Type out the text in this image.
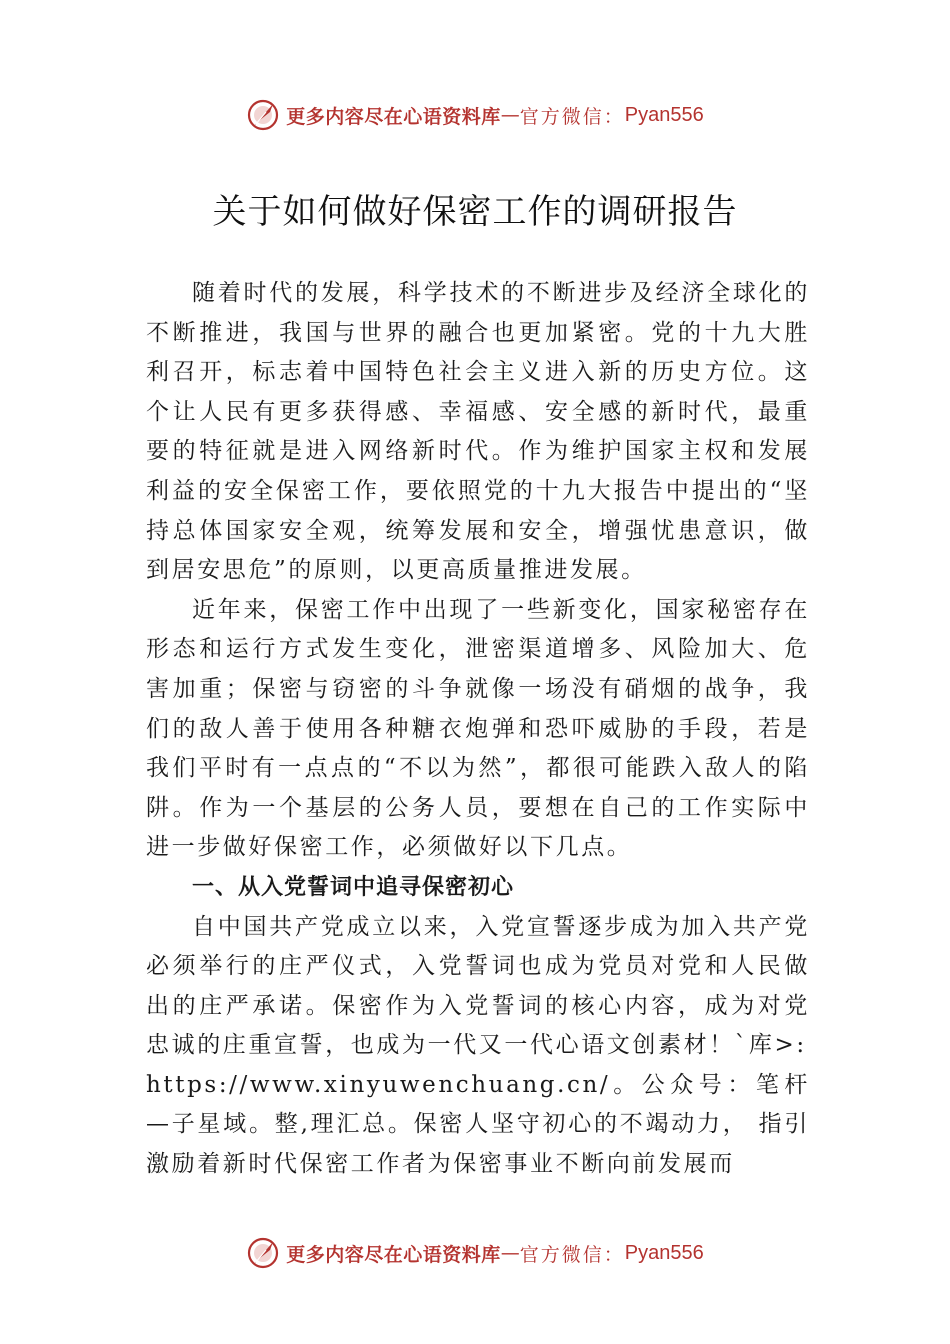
更多内容尽在心语资料库 — 官方微信： Pyan556
关于如何做好保密工作的调研报告

随着时代的发展，科学技术的不断进步及经济全球化的不断推进，我国与世界的融合也更加紧密。党的十九大胜利召开，标志着中国特色社会主义进入新的历史方位。这个让人民有更多获得感、幸福感、安全感的新时代，最重要的特征就是进入网络新时代。作为维护国家主权和发展利益的安全保密工作，要依照党的十九大报告中提出的“坚持总体国家安全观，统筹发展和安全，增强忧患意识，做到居安思危”的原则，以更高质量推进发展。

近年来，保密工作中出现了一些新变化，国家秘密存在形态和运行方式发生变化，泄密渠道增多、风险加大、危害加重；保密与窃密的斗争就像一场没有硝烟的战争，我们的敌人善于使用各种糖衣炮弹和恐吓威胁的手段，若是我们平时有一点点的“不以为然”，都很可能跌入敌人的陷阱。作为一个基层的公务人员，要想在自己的工作实际中进一步做好保密工作，必须做好以下几点。

一、从入党誓词中追寻保密初心

自中国共产党成立以来，入党宣誓逐步成为加入共产党必须举行的庄严仪式，入党誓词也成为党员对党和人民做出的庄严承诺。保密作为入党誓词的核心内容，成为对党忠诚的庄重宣誓，也成为一代又一代心语文创素材！`库>:

https://www.xinyuwenchuang.cn/。公众号：笔杆—子星域。整,理汇总。保密人坚守初心的不竭动力， 指引激励着新时代保密工作者为保密事业不断向前发展而

更多内容尽在心语资料库 — 官方微信： Pyan556
